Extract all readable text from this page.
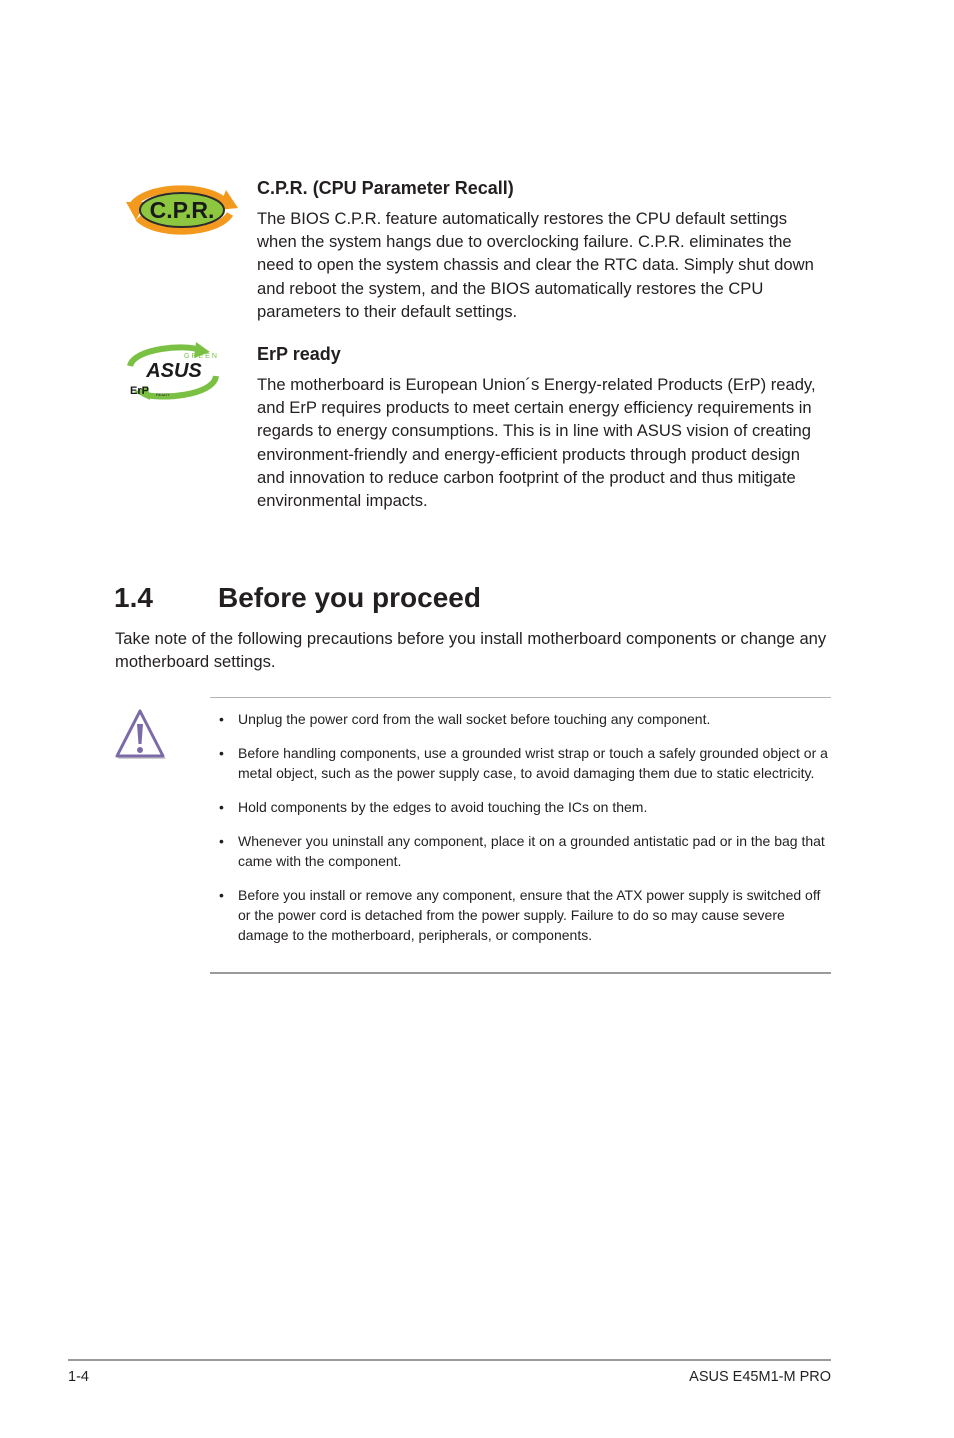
C.P.R.
C.P.R. (CPU Parameter Recall)
The BIOS C.P.R. feature automatically restores the CPU default settings when the system hangs due to overclocking failure. C.P.R. eliminates the need to open the system chassis and clear the RTC data. Simply shut down and reboot the system, and the BIOS automatically restores the CPU parameters to their default settings.
GREEN
ASUS
ErP READY
ErP ready
The motherboard is European Union´s Energy-related Products (ErP) ready, and ErP requires products to meet certain energy efficiency requirements in regards to energy consumptions. This is in line with ASUS vision of creating environment-friendly and energy-efficient products through product design and innovation to reduce carbon footprint of the product and thus mitigate environmental impacts.
1.4 Before you proceed
Take note of the following precautions before you install motherboard components or change any motherboard settings.
• Unplug the power cord from the wall socket before touching any component.
• Before handling components, use a grounded wrist strap or touch a safely grounded object or a metal object, such as the power supply case, to avoid damaging them due to static electricity.
• Hold components by the edges to avoid touching the ICs on them.
• Whenever you uninstall any component, place it on a grounded antistatic pad or in the bag that came with the component.
• Before you install or remove any component, ensure that the ATX power supply is switched off or the power cord is detached from the power supply. Failure to do so may cause severe damage to the motherboard, peripherals, or components.
1-4	ASUS E45M1-M PRO
